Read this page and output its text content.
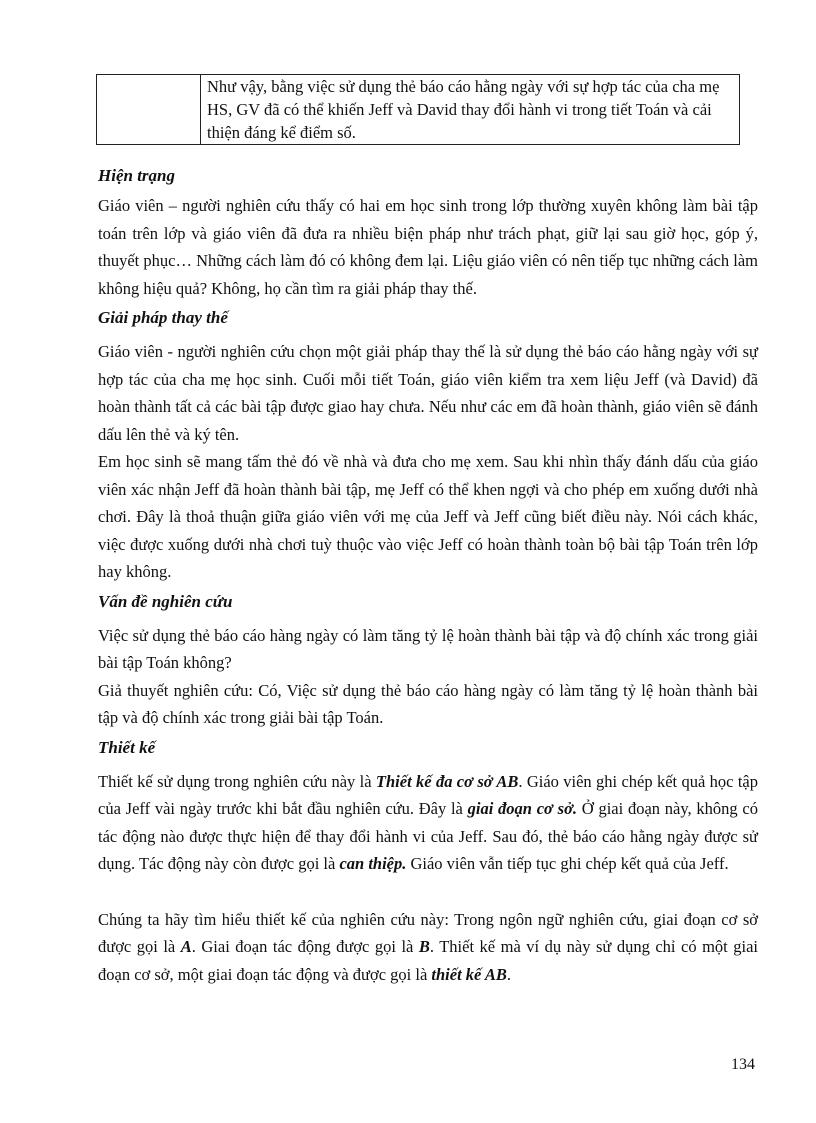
	Như vậy, bằng việc sử dụng thẻ báo cáo hằng ngày với sự hợp tác của cha mẹ HS, GV đã có thể khiến Jeff và David thay đổi hành vi trong tiết Toán và cải thiện đáng kể điểm số.
Hiện trạng

Giáo viên – người nghiên cứu thấy có hai em học sinh trong lớp thường xuyên không làm bài tập toán trên lớp và giáo viên đã đưa ra nhiều biện pháp như trách phạt, giữ lại sau giờ học, góp ý, thuyết phục… Những cách làm đó có không đem lại. Liệu giáo viên có nên tiếp tục những cách làm không hiệu quả? Không, họ cần tìm ra giải pháp thay thế.

Giải pháp thay thế

Giáo viên - người nghiên cứu chọn một giải pháp thay thế là sử dụng thẻ báo cáo hằng ngày với sự hợp tác của cha mẹ học sinh. Cuối mỗi tiết Toán, giáo viên kiểm tra xem liệu Jeff (và David) đã hoàn thành tất cả các bài tập được giao hay chưa. Nếu như các em đã hoàn thành, giáo viên sẽ đánh dấu lên thẻ và ký tên.

Em học sinh sẽ mang tấm thẻ đó về nhà và đưa cho mẹ xem. Sau khi nhìn thấy đánh dấu của giáo viên xác nhận Jeff đã hoàn thành bài tập, mẹ Jeff có thể khen ngợi và cho phép em xuống dưới nhà chơi. Đây là thoả thuận giữa giáo viên với mẹ của Jeff và Jeff cũng biết điều này. Nói cách khác, việc được xuống dưới nhà chơi tuỳ thuộc vào việc Jeff có hoàn thành toàn bộ bài tập Toán trên lớp hay không.

Vấn đề nghiên cứu

Việc sử dụng thẻ báo cáo hàng ngày có làm tăng tỷ lệ hoàn thành bài tập và độ chính xác trong giải bài tập Toán không?

Giả thuyết nghiên cứu: Có, Việc sử dụng thẻ báo cáo hàng ngày có làm tăng tỷ lệ hoàn thành bài tập và độ chính xác trong giải bài tập Toán.

Thiết kế

Thiết kế sử dụng trong nghiên cứu này là Thiết kế đa cơ sở AB. Giáo viên ghi chép kết quả học tập của Jeff vài ngày trước khi bắt đầu nghiên cứu. Đây là giai đoạn cơ sở. Ở giai đoạn này, không có tác động nào được thực hiện để thay đổi hành vi của Jeff. Sau đó, thẻ báo cáo hằng ngày được sử dụng. Tác động này còn được gọi là can thiệp. Giáo viên vẫn tiếp tục ghi chép kết quả của Jeff.

Chúng ta hãy tìm hiểu thiết kế của nghiên cứu này: Trong ngôn ngữ nghiên cứu, giai đoạn cơ sở được gọi là A. Giai đoạn tác động được gọi là B. Thiết kế mà ví dụ này sử dụng chỉ có một giai đoạn cơ sở, một giai đoạn tác động và được gọi là thiết kế AB.

134
